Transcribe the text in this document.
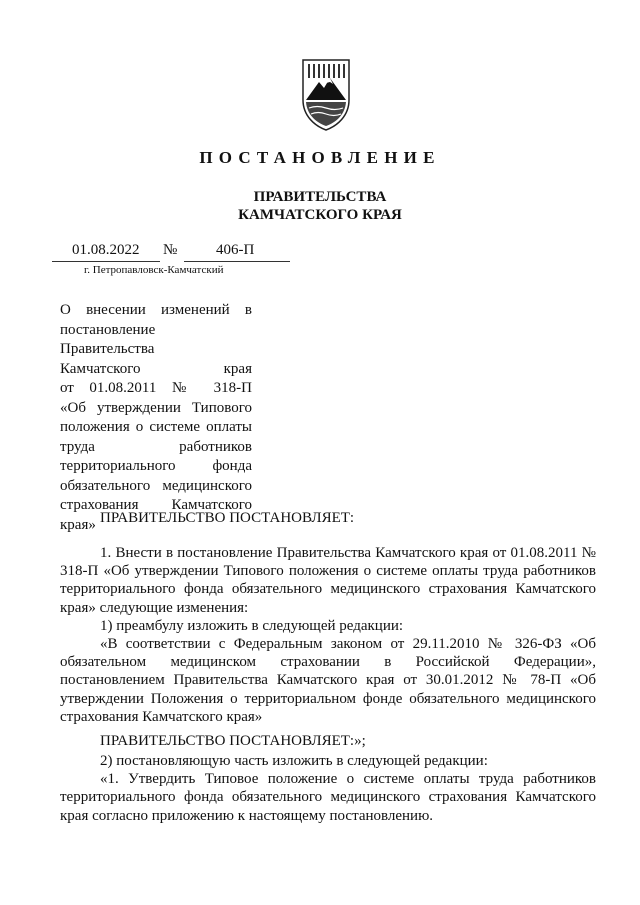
ПОСТАНОВЛЕНИЕ
ПРАВИТЕЛЬСТВА
КАМЧАТСКОГО КРАЯ
01.08.2022 №	406-П
г. Петропавловск-Камчатский
О внесении изменений в
постановление Правительства
Камчатского края
от 01.08.2011 № 318-П
«Об утверждении Типового
положения о системе оплаты
труда работников
территориального фонда
обязательного медицинского
страхования Камчатского
края» ПРАВИТЕЛЬСТВО ПОСТАНОВЛЯЕТ:

1. Внести в постановление Правительства Камчатского края от 01.08.2011 № 318-П «Об утверждении Типового положения о системе оплаты труда работников территориального фонда обязательного медицинского страхования Камчатского края» следующие изменения:

1) преамбулу изложить в следующей редакции:

«В соответствии с Федеральным законом от 29.11.2010 № 326-ФЗ «Об обязательном медицинском страховании в Российской Федерации», постановлением Правительства Камчатского края от 30.01.2012 № 78-П «Об утверждении Положения о территориальном фонде обязательного медицинского страхования Камчатского края»

ПРАВИТЕЛЬСТВО ПОСТАНОВЛЯЕТ:»;

2) постановляющую часть изложить в следующей редакции:

«1. Утвердить Типовое положение о системе оплаты труда работников территориального фонда обязательного медицинского страхования Камчатского края согласно приложению к настоящему постановлению.
